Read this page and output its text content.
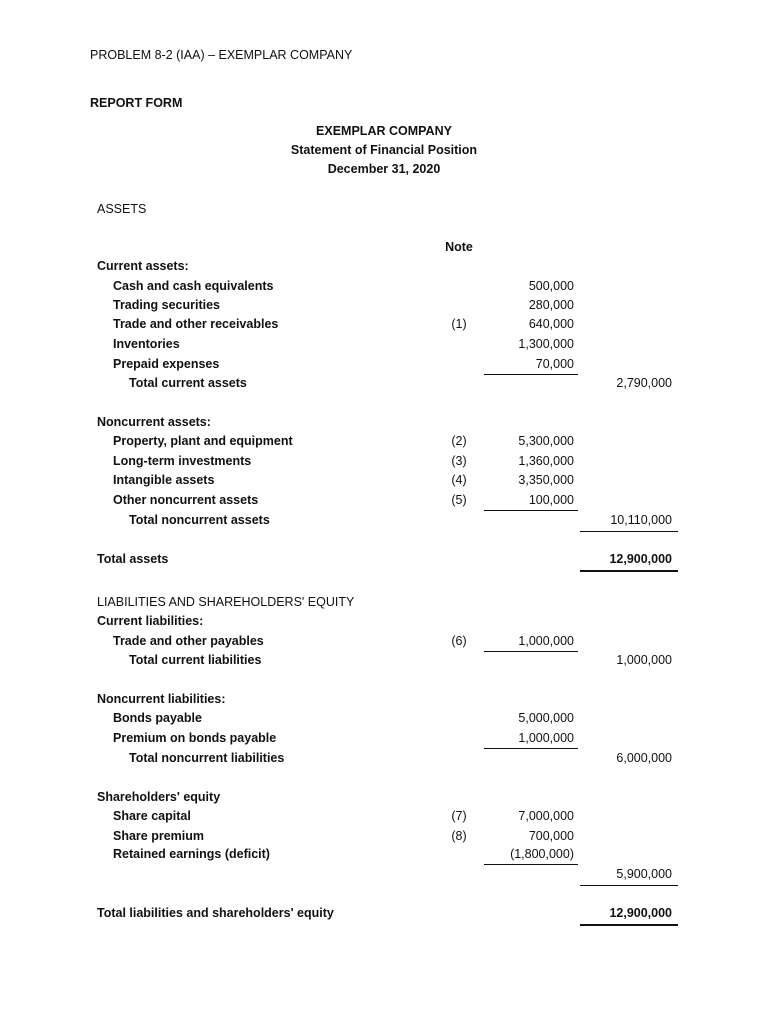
PROBLEM 8-2 (IAA) – EXEMPLAR COMPANY
REPORT FORM
EXEMPLAR COMPANY
Statement of Financial Position
December 31, 2020
ASSETS
Note
Current assets:
Cash and cash equivalents	500,000
Trading securities	280,000
Trade and other receivables	(1)	640,000
Inventories	1,300,000
Prepaid expenses	70,000
Total current assets	2,790,000
Noncurrent assets:
Property, plant and equipment	(2)	5,300,000
Long-term investments	(3)	1,360,000
Intangible assets	(4)	3,350,000
Other noncurrent assets	(5)	100,000
Total noncurrent assets	10,110,000
Total assets	12,900,000
LIABILITIES AND SHAREHOLDERS' EQUITY
Current liabilities:
Trade and other payables	(6)	1,000,000
Total current liabilities	1,000,000
Noncurrent liabilities:
Bonds payable	5,000,000
Premium on bonds payable	1,000,000
Total noncurrent liabilities	6,000,000
Shareholders' equity
Share capital	(7)	7,000,000
Share premium	(8)	700,000
Retained earnings (deficit)	(1,800,000)
5,900,000
Total liabilities and shareholders' equity	12,900,000
